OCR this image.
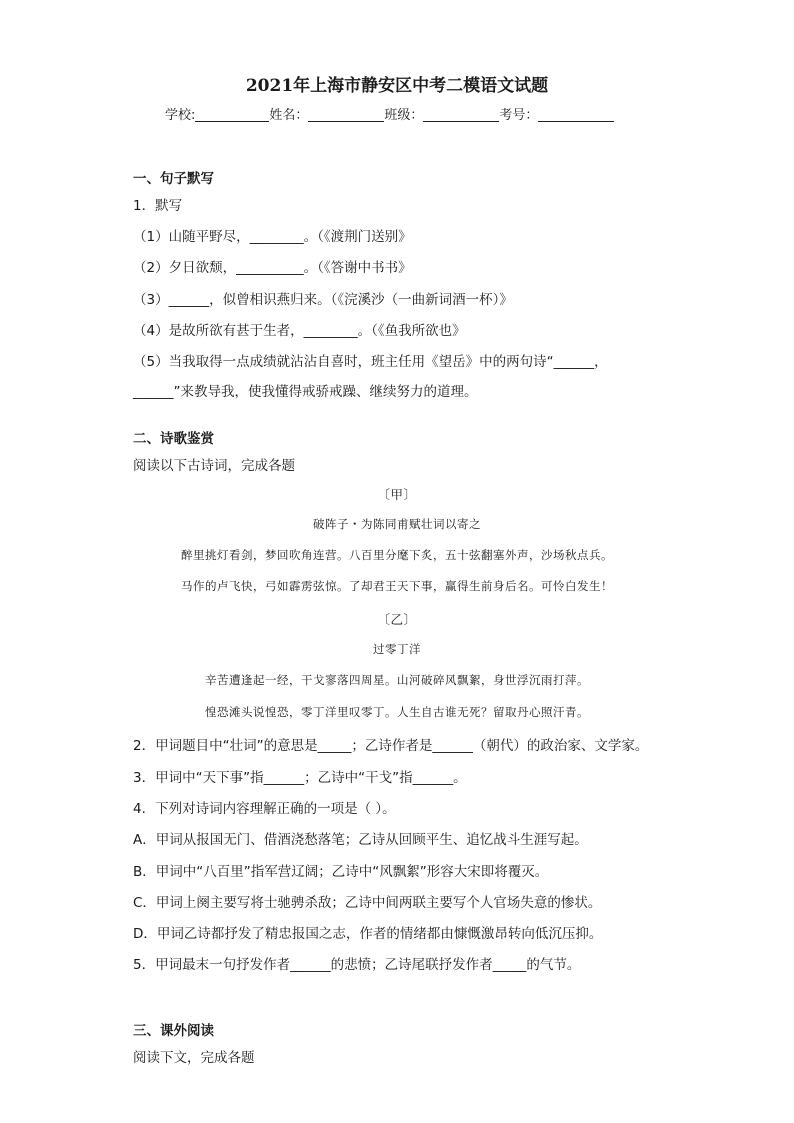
2021年上海市静安区中考二模语文试题
学校:	姓名：	班级：	考号：
一、句子默写
1．默写
（1）山随平野尽，________。（《渡荆门送别》
（2）夕日欲颓，__________。（《答谢中书书》
（3）______，似曾相识燕归来。（《浣溪沙（一曲新词酒一杯）》
（4）是故所欲有甚于生者，________。（《鱼我所欲也》
（5）当我取得一点成绩就沾沾自喜时，班主任用《望岳》中的两句诗“______，
______”来教导我，使我懂得戒骄戒躁、继续努力的道理。
二、诗歌鉴赏
阅读以下古诗词，完成各题
〔甲〕
破阵子・为陈同甫赋壮词以寄之
醉里挑灯看剑，梦回吹角连营。八百里分麾下炙，五十弦翻塞外声，沙场秋点兵。
马作的卢飞快，弓如霹雳弦惊。了却君王天下事，赢得生前身后名。可怜白发生！
〔乙〕
过零丁洋
辛苦遭逢起一经，干戈寥落四周星。山河破碎风飘絮，身世浮沉雨打萍。
惶恐滩头说惶恐，零丁洋里叹零丁。人生自古谁无死？留取丹心照汗青。
2．甲词题目中“壮词”的意思是_____；乙诗作者是______（朝代）的政治家、文学家。
3．甲词中“天下事”指______；乙诗中“干戈”指______。
4．下列对诗词内容理解正确的一项是（ ）。
A．甲词从报国无门、借酒浇愁落笔；乙诗从回顾平生、追忆战斗生涯写起。
B．甲词中“八百里”指军营辽阔；乙诗中“风飘絮”形容大宋即将覆灭。
C．甲词上阕主要写将士驰骋杀敌；乙诗中间两联主要写个人官场失意的惨状。
D．甲词乙诗都抒发了精忠报国之志，作者的情绪都由慷慨激昂转向低沉压抑。
5．甲词最末一句抒发作者______的悲愤；乙诗尾联抒发作者_____的气节。
三、课外阅读
阅读下文，完成各题
